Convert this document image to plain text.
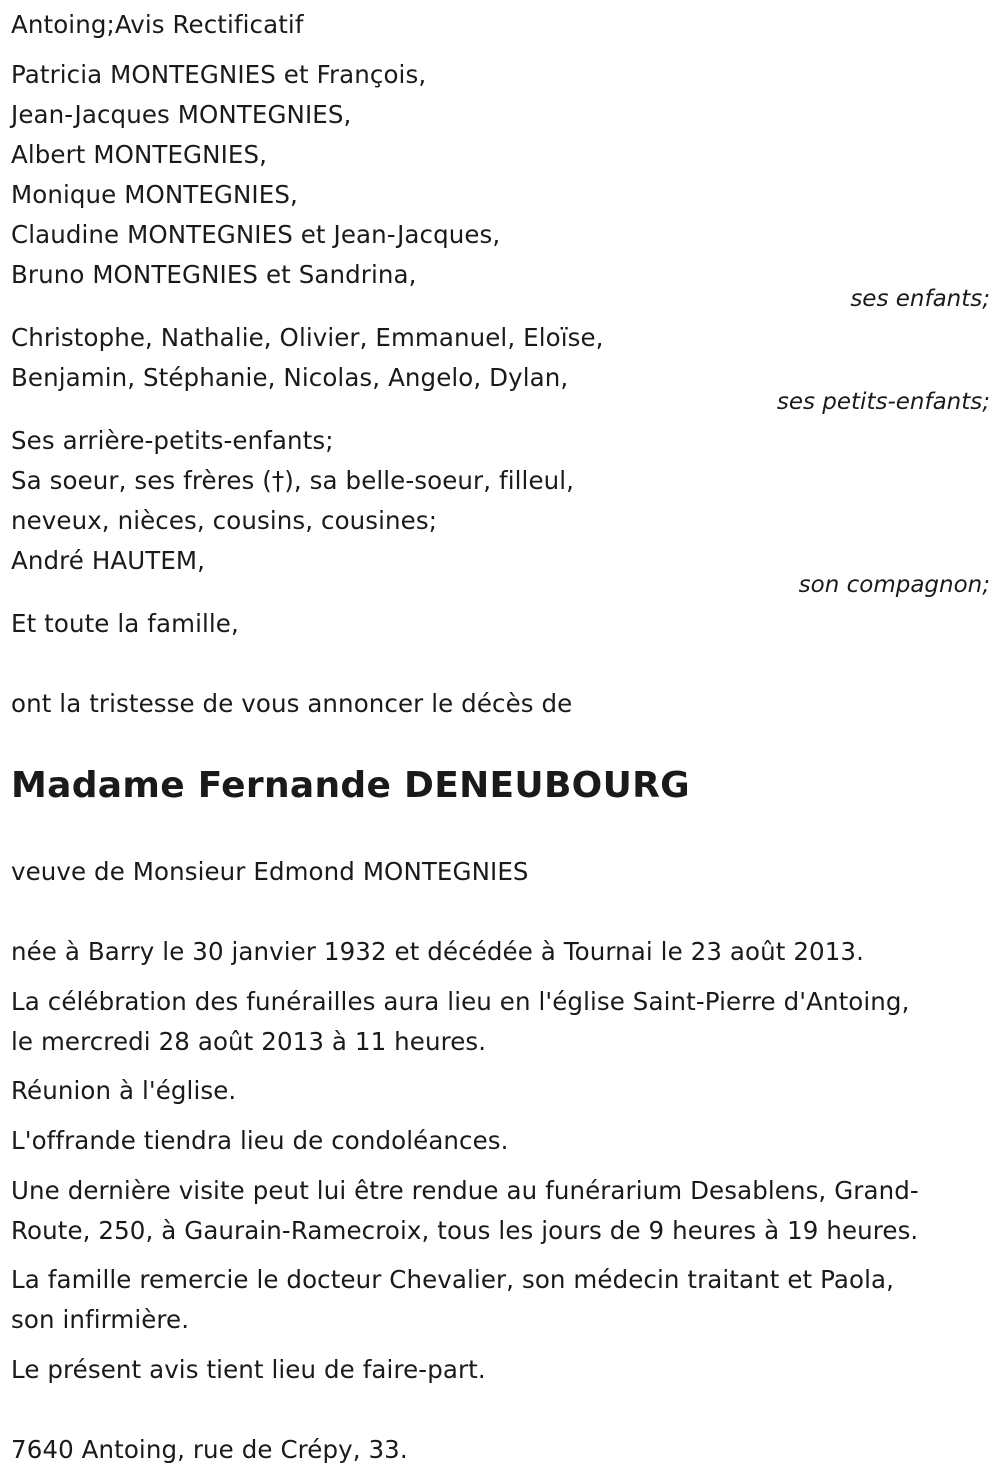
Antoing;Avis Rectificatif
Patricia MONTEGNIES et François,
Jean-Jacques MONTEGNIES,
Albert MONTEGNIES,
Monique MONTEGNIES,
Claudine MONTEGNIES et Jean-Jacques,
Bruno MONTEGNIES et Sandrina,
ses enfants;
Christophe, Nathalie, Olivier, Emmanuel, Eloïse,
Benjamin, Stéphanie, Nicolas, Angelo, Dylan,
ses petits-enfants;
Ses arrière-petits-enfants;
Sa soeur, ses frères (†), sa belle-soeur, filleul,
neveux, nièces, cousins, cousines;
André HAUTEM,
son compagnon;
Et toute la famille,
ont la tristesse de vous annoncer le décès de
Madame Fernande DENEUBOURG
veuve de Monsieur Edmond MONTEGNIES
née à Barry le 30 janvier 1932 et décédée à Tournai le 23 août 2013.
La célébration des funérailles aura lieu en l'église Saint-Pierre d'Antoing,
le mercredi 28 août 2013 à 11 heures.
Réunion à l'église.
L'offrande tiendra lieu de condoléances.
Une dernière visite peut lui être rendue au funérarium Desablens, Grand-
Route, 250, à Gaurain-Ramecroix, tous les jours de 9 heures à 19 heures.
La famille remercie le docteur Chevalier, son médecin traitant et Paola,
son infirmière.
Le présent avis tient lieu de faire-part.
7640 Antoing, rue de Crépy, 33.
